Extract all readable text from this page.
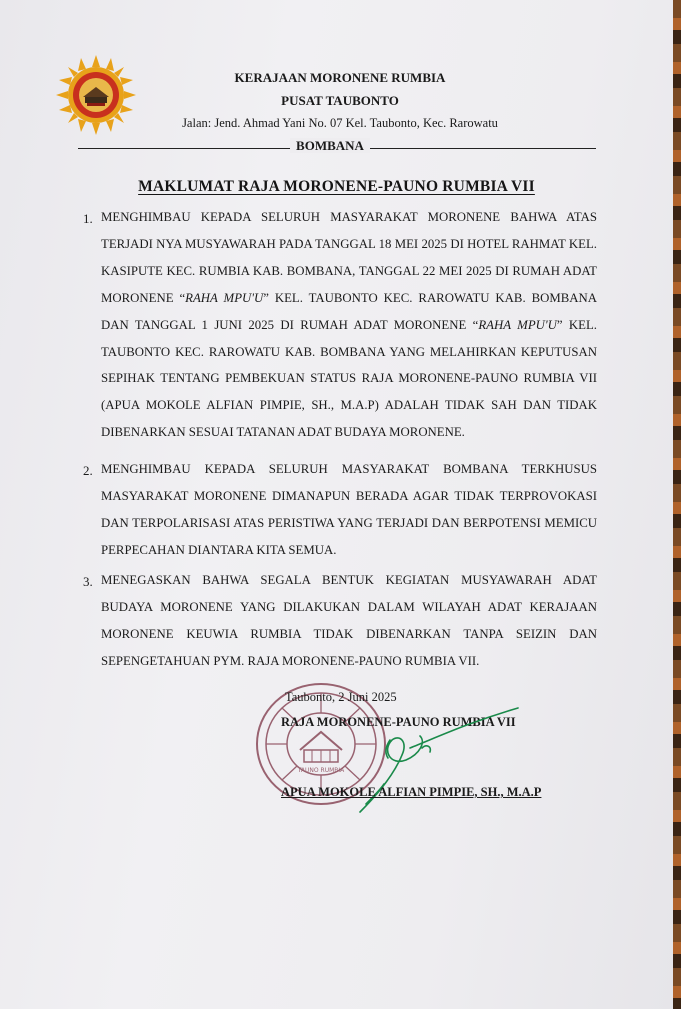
KERAJAAN MORONENE RUMBIA
PUSAT TAUBONTO
Jalan: Jend. Ahmad Yani No. 07 Kel. Taubonto, Kec. Rarowatu
BOMBANA
MAKLUMAT RAJA MORONENE-PAUNO RUMBIA VII
1. MENGHIMBAU KEPADA SELURUH MASYARAKAT MORONENE BAHWA ATAS TERJADI NYA MUSYAWARAH PADA TANGGAL 18 MEI 2025 DI HOTEL RAHMAT KEL. KASIPUTE KEC. RUMBIA KAB. BOMBANA, TANGGAL 22 MEI 2025 DI RUMAH ADAT MORONENE “RAHA MPU'U” KEL. TAUBONTO KEC. RAROWATU KAB. BOMBANA DAN TANGGAL 1 JUNI 2025 DI RUMAH ADAT MORONENE “RAHA MPU'U” KEL. TAUBONTO KEC. RAROWATU KAB. BOMBANA YANG MELAHIRKAN KEPUTUSAN SEPIHAK TENTANG PEMBEKUAN STATUS RAJA MORONENE-PAUNO RUMBIA VII (APUA MOKOLE ALFIAN PIMPIE, SH., M.A.P) ADALAH TIDAK SAH DAN TIDAK DIBENARKAN SESUAI TATANAN ADAT BUDAYA MORONENE.
2. MENGHIMBAU KEPADA SELURUH MASYARAKAT BOMBANA TERKHUSUS MASYARAKAT MORONENE DIMANAPUN BERADA AGAR TIDAK TERPROVOKASI DAN TERPOLARISASI ATAS PERISTIWA YANG TERJADI DAN BERPOTENSI MEMICU PERPECAHAN DIANTARA KITA SEMUA.
3. MENEGASKAN BAHWA SEGALA BENTUK KEGIATAN MUSYAWARAH ADAT BUDAYA MORONENE YANG DILAKUKAN DALAM WILAYAH ADAT KERAJAAN MORONENE KEUWIA RUMBIA TIDAK DIBENARKAN TANPA SEIZIN DAN SEPENGETAHUAN PYM. RAJA MORONENE-PAUNO RUMBIA VII.
TAUNO RUMBIA
Taubonto, 2 Juni 2025
RAJA MORONENE-PAUNO RUMBIA VII
APUA MOKOLE ALFIAN PIMPIE, SH., M.A.P
